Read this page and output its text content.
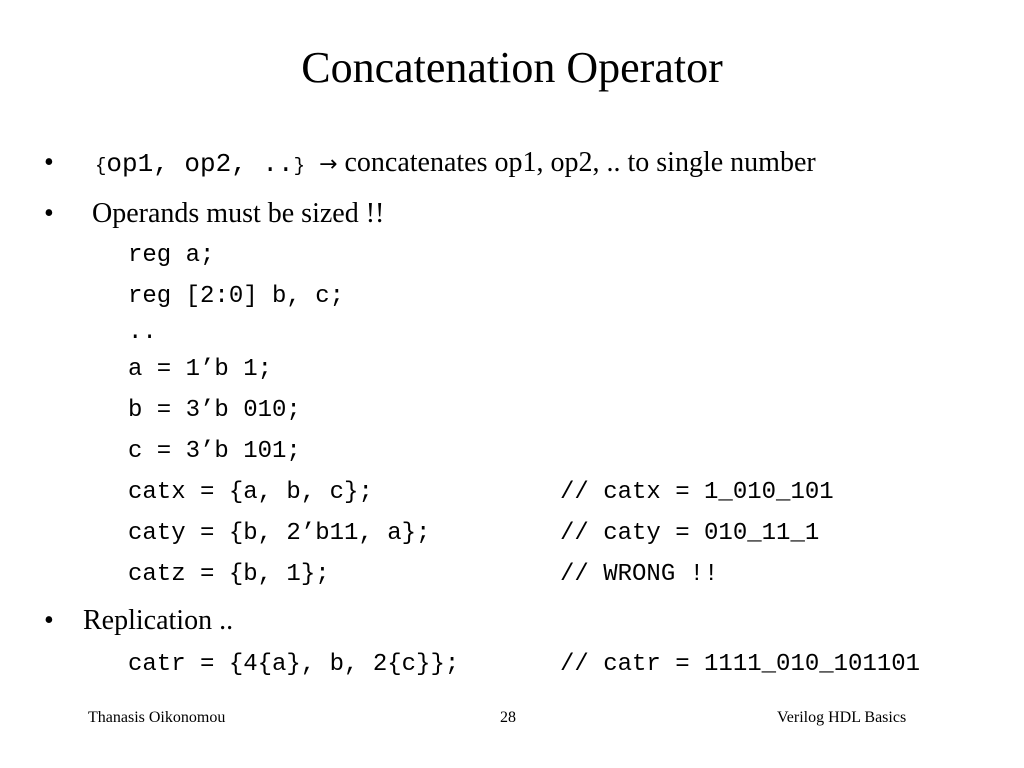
Concatenation Operator
• {op1, op2, ..} → concatenates op1, op2, .. to single number
• Operands must be sized !!
reg a;
reg [2:0] b, c;
..
a = 1’b 1;
b = 3’b 010;
c = 3’b 101;
catx = {a, b, c};	// catx = 1_010_101
caty = {b, 2’b11, a};	// caty = 010_11_1
catz = {b, 1};	// WRONG !!
• Replication ..
catr = {4{a}, b, 2{c}};	// catr = 1111_010_101101
Thanasis Oikonomou	28	Verilog HDL Basics
